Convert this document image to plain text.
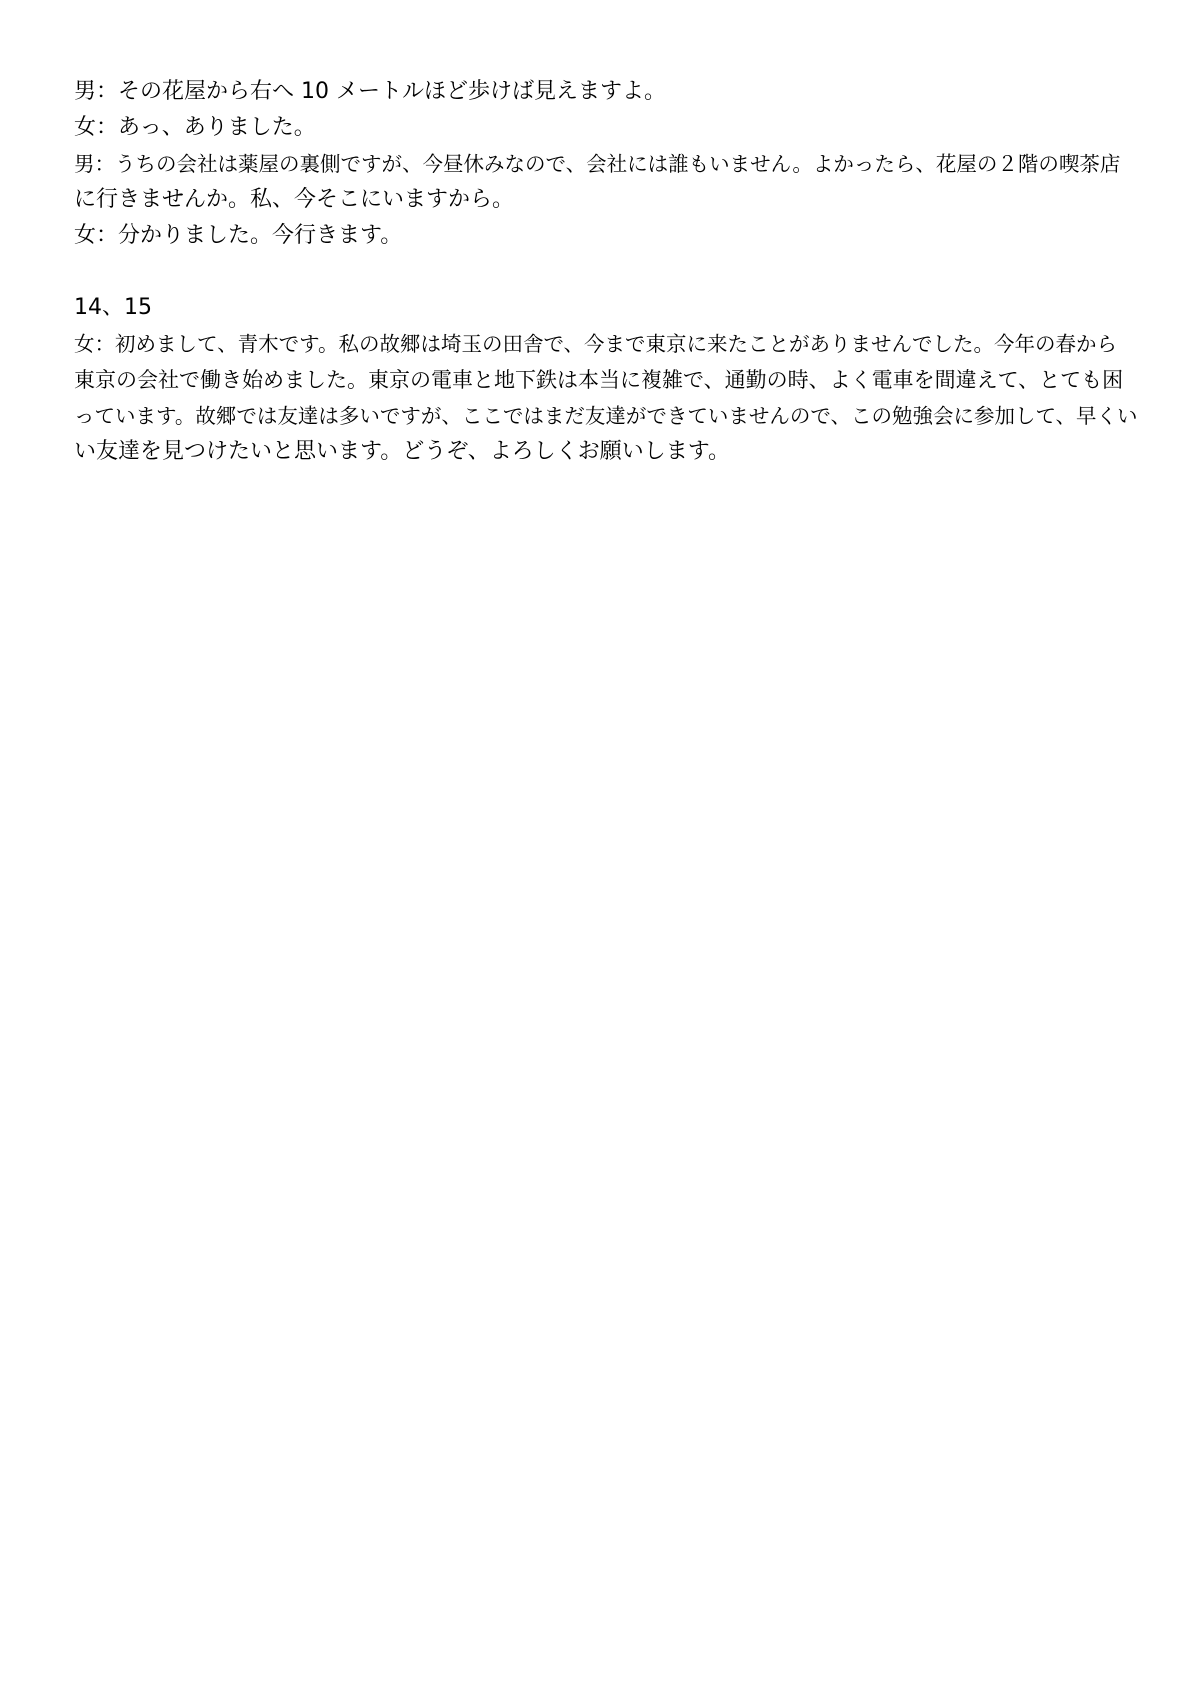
男：その花屋から右へ 10 メートルほど歩けば見えますよ。

女：あっ、ありました。

男：うちの会社は薬屋の裏側ですが、今昼休みなので、会社には誰もいません。よかったら、花屋の２階の喫茶店

に行きませんか。私、今そこにいますから。

女：分かりました。今行きます。

14、15

女：初めまして、青木です。私の故郷は埼玉の田舎で、今まで東京に来たことがありませんでした。今年の春から

東京の会社で働き始めました。東京の電車と地下鉄は本当に複雑で、通勤の時、よく電車を間違えて、とても困

っています。故郷では友達は多いですが、ここではまだ友達ができていませんので、この勉強会に参加して、早くい

い友達を見つけたいと思います。どうぞ、よろしくお願いします。
